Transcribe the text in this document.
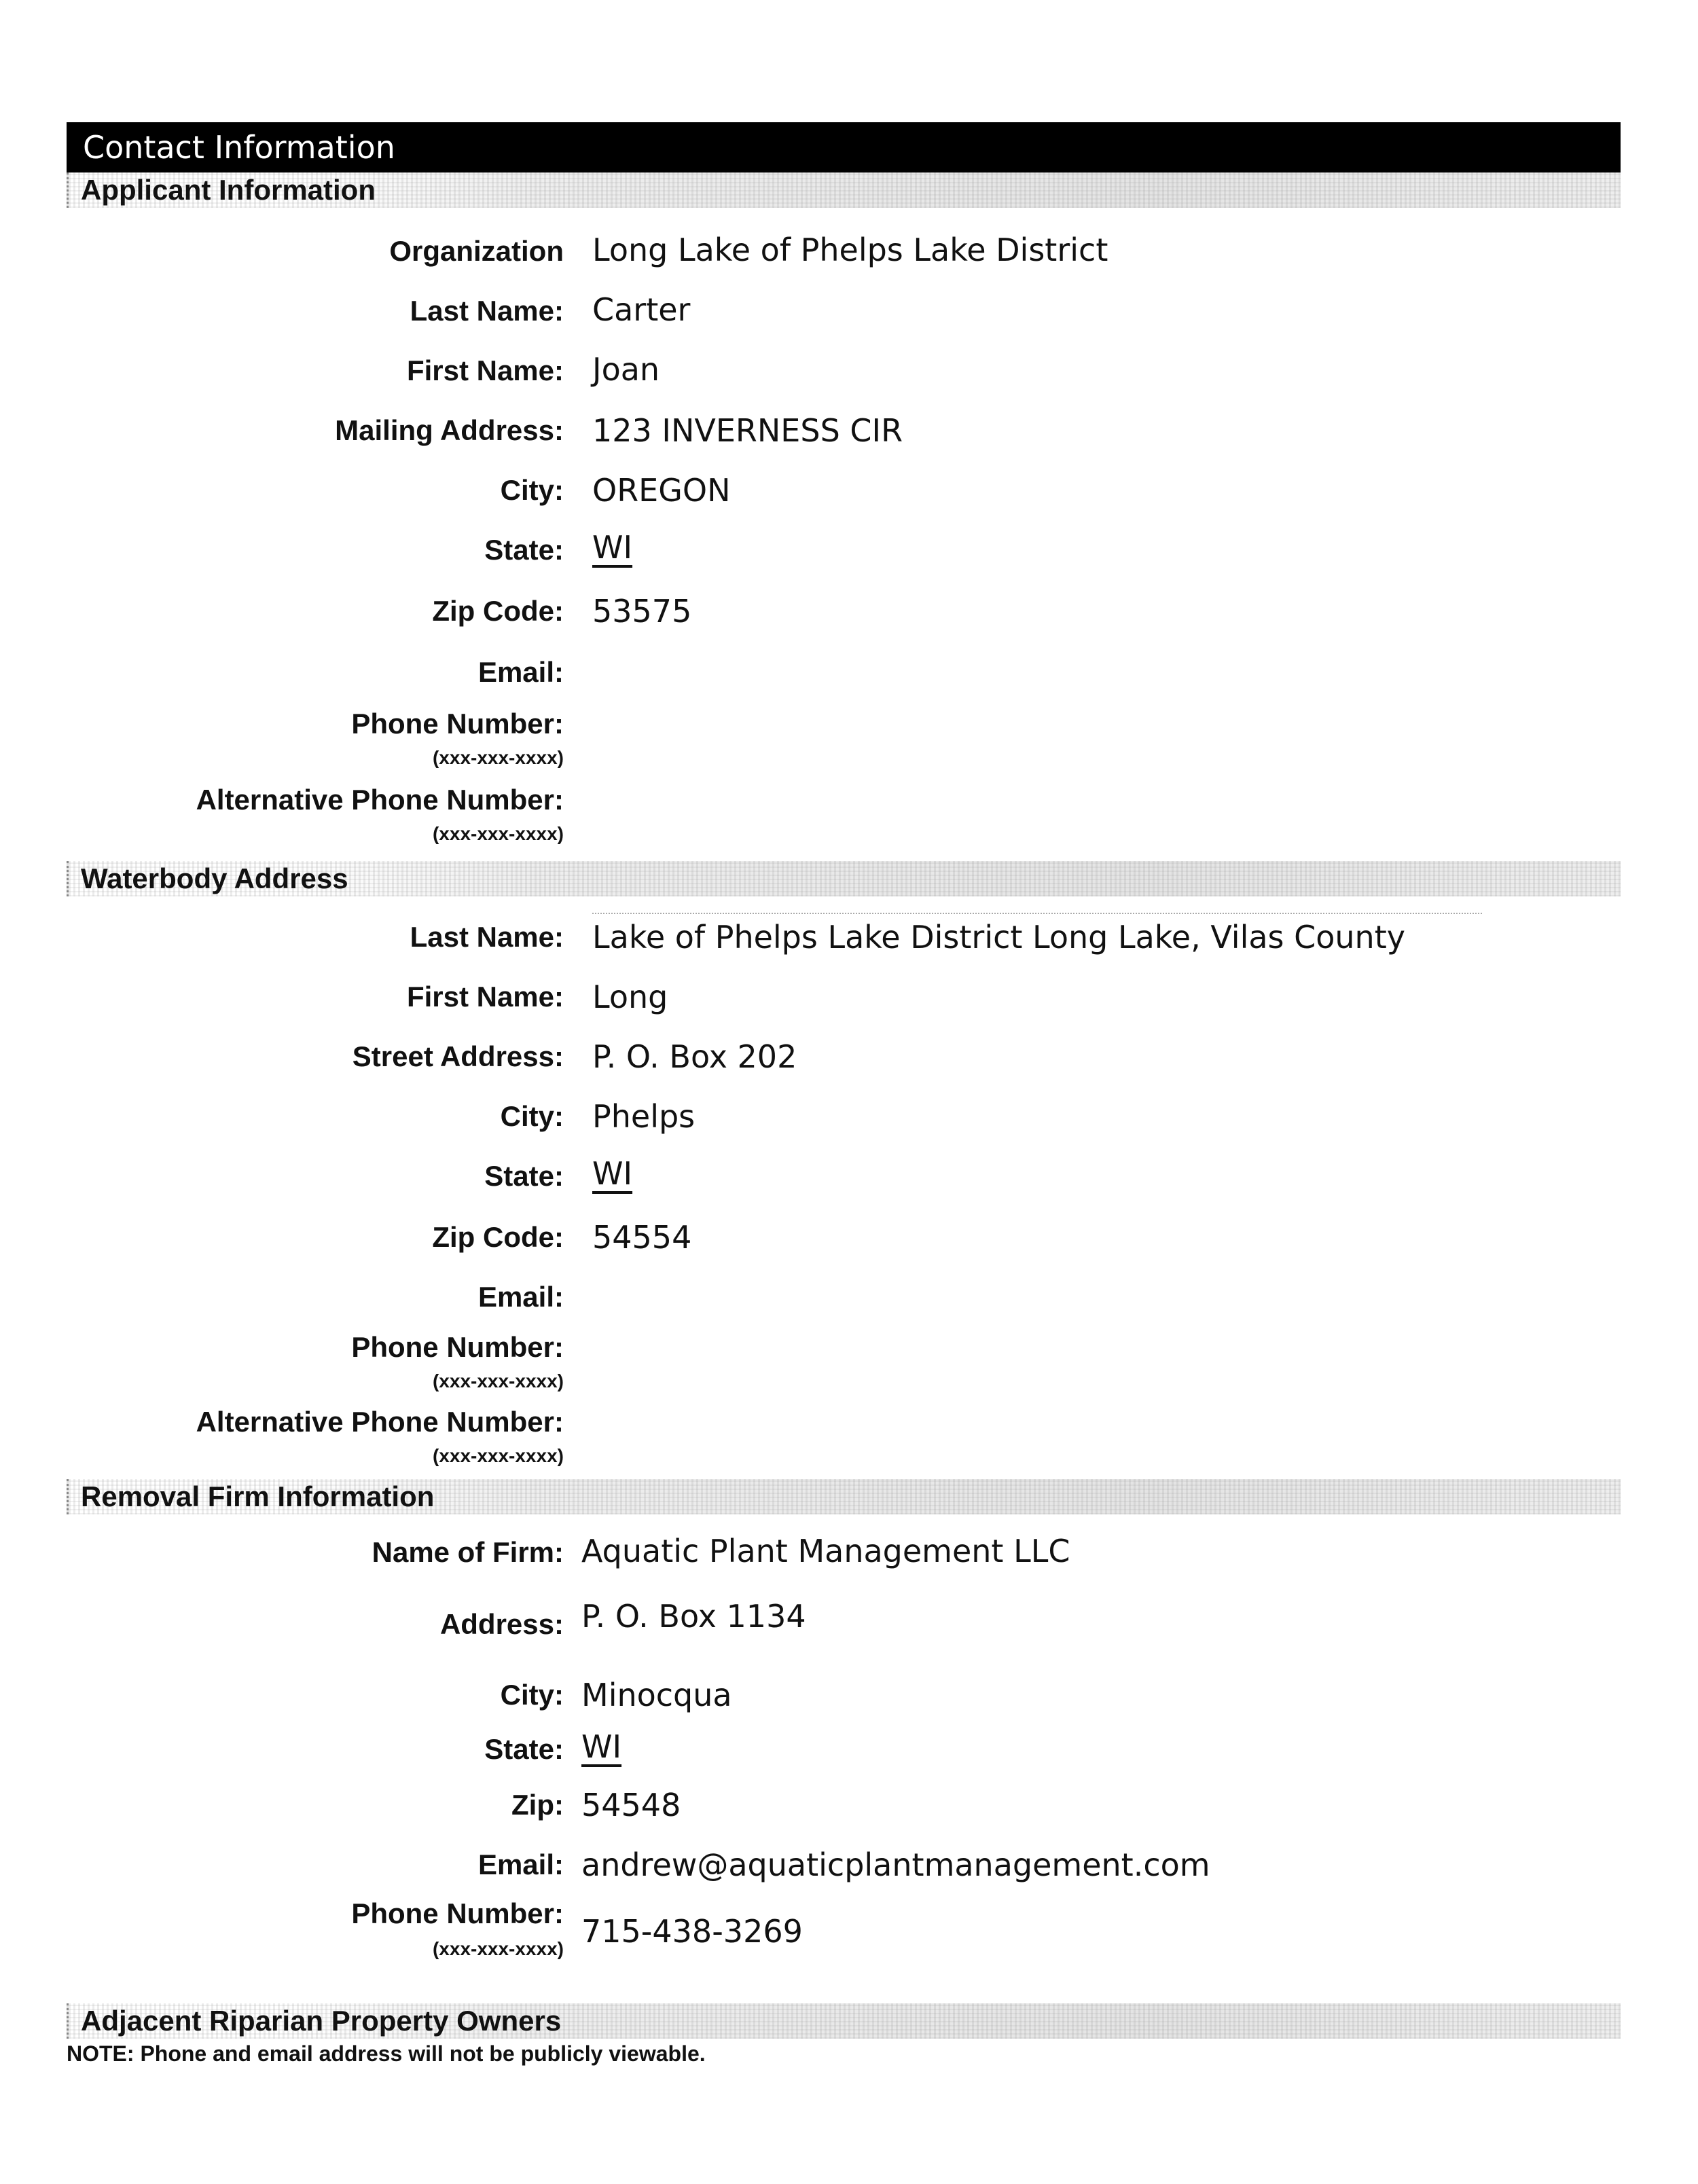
Contact Information
Applicant Information
Organization Long Lake of Phelps Lake District
Last Name: Carter
First Name: Joan
Mailing Address: 123 INVERNESS CIR
City: OREGON
State: WI
Zip Code: 53575
Email:
Phone Number:
(xxx-xxx-xxxx)
Alternative Phone Number:
(xxx-xxx-xxxx)
Waterbody Address
Last Name: Lake of Phelps Lake District Long Lake, Vilas County
First Name: Long
Street Address: P. O. Box 202
City: Phelps
State: WI
Zip Code: 54554
Email:
Phone Number:
(xxx-xxx-xxxx)
Alternative Phone Number:
(xxx-xxx-xxxx)
Removal Firm Information
Name of Firm: Aquatic Plant Management LLC
Address: P. O. Box 1134
City: Minocqua
State: WI
Zip: 54548
Email: andrew@aquaticplantmanagement.com
Phone Number:
(xxx-xxx-xxxx) 715-438-3269
Adjacent Riparian Property Owners
NOTE: Phone and email address will not be publicly viewable.
